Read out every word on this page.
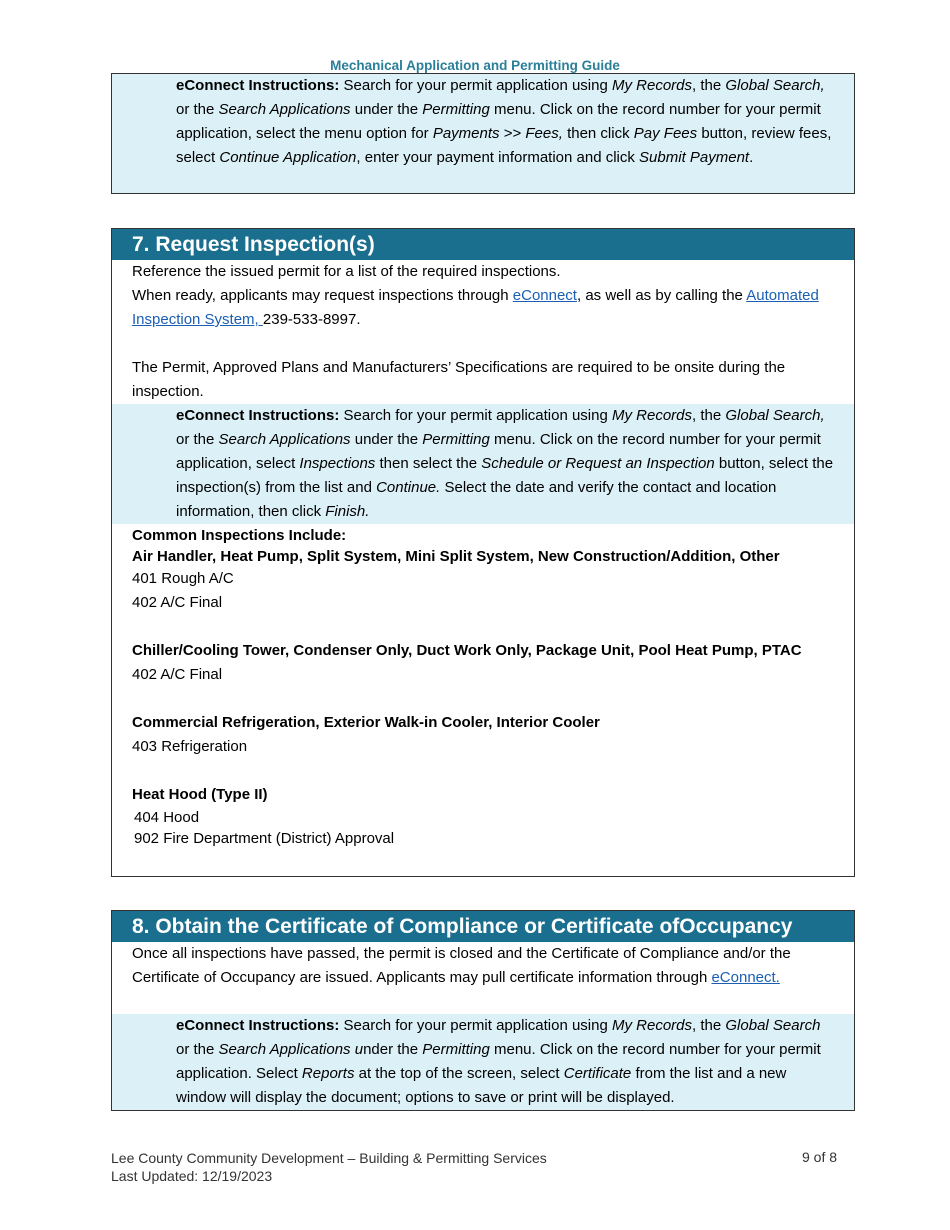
Mechanical Application and Permitting Guide
eConnect Instructions: Search for your permit application using My Records, the Global Search, or the Search Applications under the Permitting menu. Click on the record number for your permit application, select the menu option for Payments >> Fees, then click Pay Fees button, review fees, select Continue Application, enter your payment information and click Submit Payment.
7. Request Inspection(s)
Reference the issued permit for a list of the required inspections.
When ready, applicants may request inspections through eConnect, as well as by calling the Automated Inspection System, 239-533-8997.
The Permit, Approved Plans and Manufacturers’ Specifications are required to be onsite during the inspection.
eConnect Instructions: Search for your permit application using My Records, the Global Search, or the Search Applications under the Permitting menu. Click on the record number for your permit application, select Inspections then select the Schedule or Request an Inspection button, select the inspection(s) from the list and Continue. Select the date and verify the contact and location information, then click Finish.
Common Inspections Include:
Air Handler, Heat Pump, Split System, Mini Split System, New Construction/Addition, Other
401 Rough A/C
402 A/C Final
Chiller/Cooling Tower, Condenser Only, Duct Work Only, Package Unit, Pool Heat Pump, PTAC
402 A/C Final
Commercial Refrigeration, Exterior Walk-in Cooler, Interior Cooler
403 Refrigeration
Heat Hood (Type II)
404 Hood
902 Fire Department (District) Approval
8. Obtain the Certificate of Compliance or Certificate ofOccupancy
Once all inspections have passed, the permit is closed and the Certificate of Compliance and/or the Certificate of Occupancy are issued. Applicants may pull certificate information through eConnect.
eConnect Instructions: Search for your permit application using My Records, the Global Search or the Search Applications under the Permitting menu. Click on the record number for your permit application. Select Reports at the top of the screen, select Certificate from the list and a new window will display the document; options to save or print will be displayed.
Lee County Community Development – Building & Permitting Services
Last Updated: 12/19/2023
9 of 8
